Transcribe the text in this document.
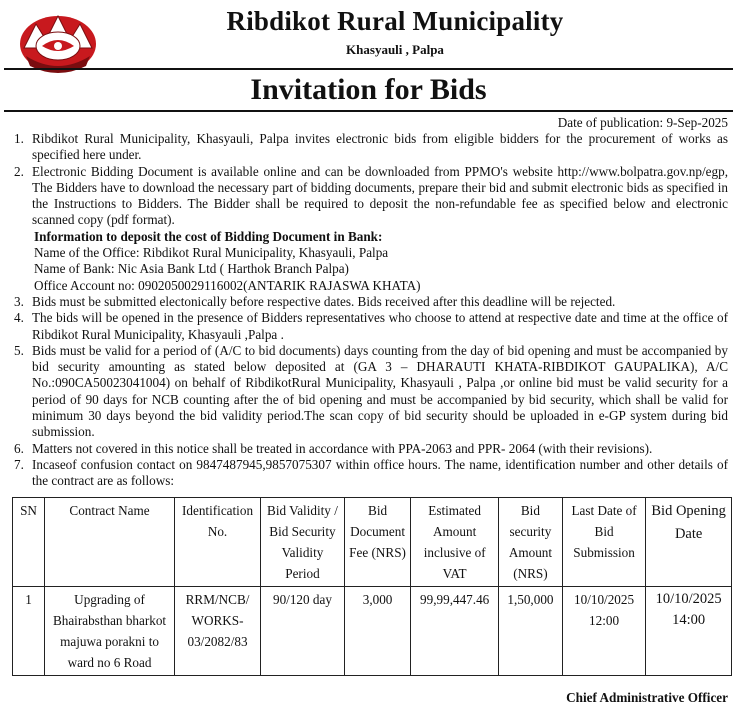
Ribdikot Rural Municipality
Khasyauli , Palpa
Invitation for Bids
Date of publication: 9-Sep-2025
1. Ribdikot Rural Municipality, Khasyauli, Palpa invites electronic bids from eligible bidders for the procurement of works as specified here under.
2. Electronic Bidding Document is available online and can be downloaded from PPMO's website http://www.bolpatra.gov.np/egp, The Bidders have to download the necessary part of bidding documents, prepare their bid and submit electronic bids as specified in the Instructions to Bidders. The Bidder shall be required to deposit the non-refundable fee as specified below and electronic scanned copy (pdf format).
Information to deposit the cost of Bidding Document in Bank:
Name of the Office: Ribdikot Rural Municipality, Khasyauli, Palpa
Name of Bank: Nic Asia Bank Ltd ( Harthok Branch Palpa)
Office Account no: 0902050029116002(ANTARIK RAJASWA KHATA)
3. Bids must be submitted electonically before respective dates. Bids received after this deadline will be rejected.
4. The bids will be opened in the presence of Bidders representatives who choose to attend at respective date and time at the office of Ribdikot Rural Municipality, Khasyauli ,Palpa .
5. Bids must be valid for a period of (A/C to bid documents) days counting from the day of bid opening and must be accompanied by bid security amounting as stated below deposited at (GA 3 – DHARAUTI KHATA-RIBDIKOT GAUPALIKA), A/C No.:090CA50023041004) on behalf of RibdikotRural Municipality, Khasyauli , Palpa ,or online bid must be valid security for a period of 90 days for NCB counting after the of bid opening and must be accompanied by bid security, which shall be valid for minimum 30 days beyond the bid validity period.The scan copy of bid security should be uploaded in e-GP system during bid submission.
6. Matters not covered in this notice shall be treated in accordance with PPA-2063 and PPR- 2064 (with their revisions).
7. Incaseof confusion contact on 9847487945,9857075307 within office hours. The name, identification number and other details of the contract are as follows:
SN	Contract Name	Identification No.	Bid Validity / Bid Security Validity Period	Bid Document Fee (NRS)	Estimated Amount inclusive of VAT	Bid security Amount (NRS)	Last Date of Bid Submission	Bid Opening Date
1	Upgrading of Bhairabsthan bharkot majuwa porakni to ward no 6 Road	RRM/NCB/ WORKS-03/2082/83	90/120 day	3,000	99,99,447.46	1,50,000	10/10/2025 12:00	10/10/2025 14:00
Chief Administrative Officer
